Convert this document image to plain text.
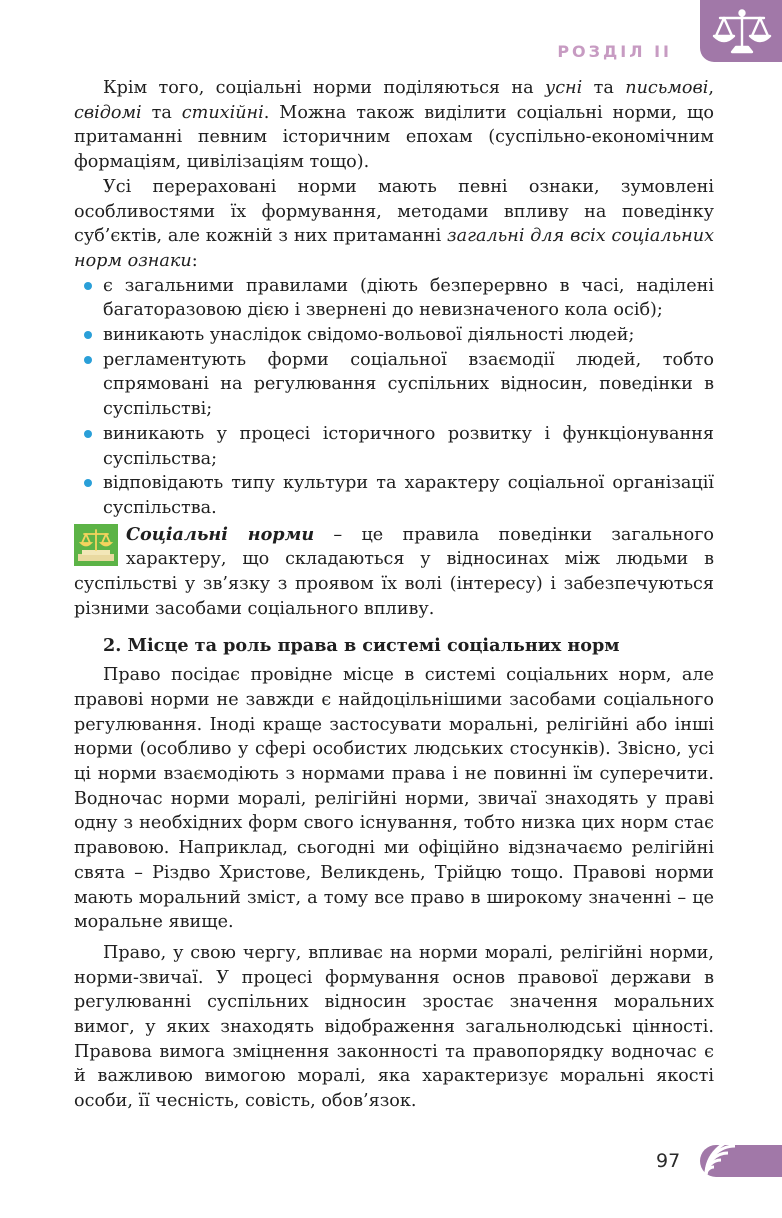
РОЗДІЛ ІІ

Крім того, соціальні норми поділяються на усні та письмові, свідомі та стихійні. Можна також виділити соціальні норми, що притаманні певним історичним епохам (суспільно-економічним формаціям, цивілізаціям тощо).

Усі перераховані норми мають певні ознаки, зумовлені особливостями їх формування, методами впливу на поведінку суб’єктів, але кожній з них притаманні загальні для всіх соціальних норм ознаки:

є загальними правилами (діють безперервно в часі, наділені багаторазовою дією і звернені до невизначеного кола осіб);
виникають унаслідок свідомо-вольової діяльності людей;
регламентують форми соціальної взаємодії людей, тобто спрямовані на регулювання суспільних відносин, поведінки в суспільстві;
виникають у процесі історичного розвитку і функціонування суспільства;
відповідають типу культури та характеру соціальної організації суспільства.

Соціальні норми – це правила поведінки загального характеру, що складаються у відносинах між людьми в суспільстві у зв’язку з проявом їх волі (інтересу) і забезпечуються різними засобами соціального впливу.

2. Місце та роль права в системі соціальних норм

Право посідає провідне місце в системі соціальних норм, але правові норми не завжди є найдоцільнішими засобами соціального регулювання. Іноді краще застосувати моральні, релігійні або інші норми (особливо у сфері особистих людських стосунків). Звісно, усі ці норми взаємодіють з нормами права і не повинні їм суперечити. Водночас норми моралі, релігійні норми, звичаї знаходять у праві одну з необхідних форм свого існування, тобто низка цих норм стає правовою. Наприклад, сьогодні ми офіційно відзначаємо релігійні свята – Різдво Христове, Великдень, Трійцю тощо. Правові норми мають моральний зміст, а тому все право в широкому значенні – це моральне явище.

Право, у свою чергу, впливає на норми моралі, релігійні норми, норми-звичаї. У процесі формування основ правової держави в регулюванні суспільних відносин зростає значення моральних вимог, у яких знаходять відображення загальнолюдські цінності. Правова вимога зміцнення законності та правопорядку водночас є й важливою вимогою моралі, яка характеризує моральні якості особи, її чесність, совість, обов’язок.

97
